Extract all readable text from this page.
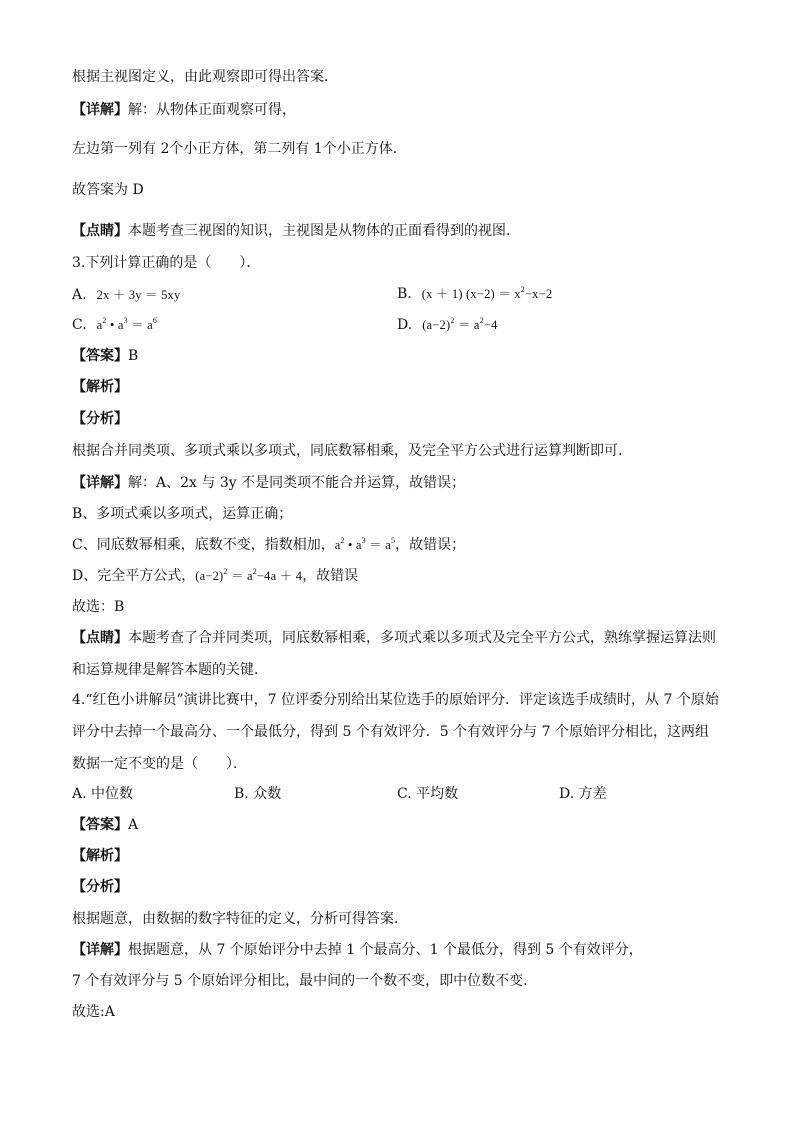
根据主视图定义，由此观察即可得出答案．
【详解】解：从物体正面观察可得，
左边第一列有 2个小正方体，第二列有 1个小正方体．
故答案为 D
【点睛】本题考查三视图的知识，主视图是从物体的正面看得到的视图．
3.下列计算正确的是（　　）．
A. 2x ＋ 3y ＝ 5xy	B. (x ＋ 1) $(x-2) = x^2-x-2$
C. $a^2$ • $a^3 = a^6$	D. $(a-2)^2 = a^2-4$
【答案】B
【解析】
【分析】
根据合并同类项、多项式乘以多项式，同底数幂相乘，及完全平方公式进行运算判断即可．
【详解】解：A、2x 与 3y 不是同类项不能合并运算，故错误；
B、多项式乘以多项式，运算正确；
C、同底数幂相乘，底数不变，指数相加，$a^2$ • $a^3 = a^5$，故错误；
D、完全平方公式，$(a-2)^2 = a^2-4a + 4$，故错误
故选：B
【点睛】本题考查了合并同类项，同底数幂相乘，多项式乘以多项式及完全平方公式，熟练掌握运算法则和运算规律是解答本题的关键．
4.“红色小讲解员”演讲比赛中，7 位评委分别给出某位选手的原始评分．评定该选手成绩时，从 7 个原始评分中去掉一个最高分、一个最低分，得到 5 个有效评分．5 个有效评分与 7 个原始评分相比，这两组数据一定不变的是（　　）．
A. 中位数	B. 众数	C. 平均数	D. 方差
【答案】A
【解析】
【分析】
根据题意，由数据的数字特征的定义，分析可得答案．
【详解】根据题意，从 7 个原始评分中去掉 1 个最高分、1 个最低分，得到 5 个有效评分，
7 个有效评分与 5 个原始评分相比，最中间的一个数不变，即中位数不变．
故选:A
